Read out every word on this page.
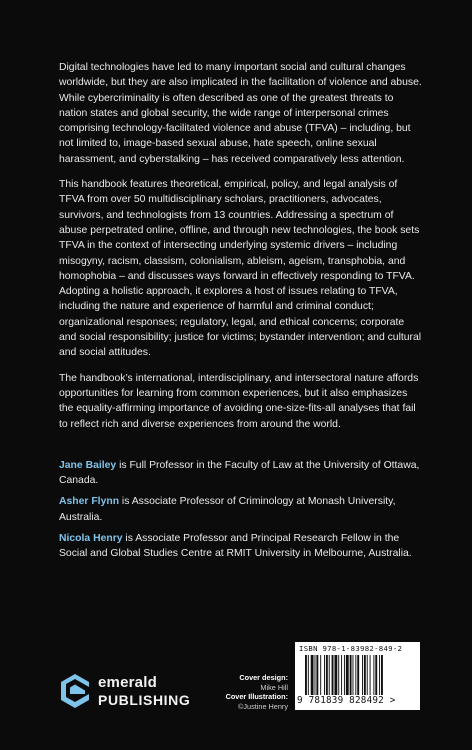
Digital technologies have led to many important social and cultural changes worldwide, but they are also implicated in the facilitation of violence and abuse. While cybercriminality is often described as one of the greatest threats to nation states and global security, the wide range of interpersonal crimes comprising technology-facilitated violence and abuse (TFVA) – including, but not limited to, image-based sexual abuse, hate speech, online sexual harassment, and cyberstalking – has received comparatively less attention.

This handbook features theoretical, empirical, policy, and legal analysis of TFVA from over 50 multidisciplinary scholars, practitioners, advocates, survivors, and technologists from 13 countries. Addressing a spectrum of abuse perpetrated online, offline, and through new technologies, the book sets TFVA in the context of intersecting underlying systemic drivers – including misogyny, racism, classism, colonialism, ableism, ageism, transphobia, and homophobia – and discusses ways forward in effectively responding to TFVA. Adopting a holistic approach, it explores a host of issues relating to TFVA, including the nature and experience of harmful and criminal conduct; organizational responses; regulatory, legal, and ethical concerns; corporate and social responsibility; justice for victims; bystander intervention; and cultural and social attitudes.

The handbook’s international, interdisciplinary, and intersectoral nature affords opportunities for learning from common experiences, but it also emphasizes the equality-affirming importance of avoiding one-size-fits-all analyses that fail to reflect rich and diverse experiences from around the world.

Jane Bailey is Full Professor in the Faculty of Law at the University of Ottawa, Canada.

Asher Flynn is Associate Professor of Criminology at Monash University, Australia.

Nicola Henry is Associate Professor and Principal Research Fellow in the Social and Global Studies Centre at RMIT University in Melbourne, Australia.

emerald
PUBLISHING
Cover design:
Mike Hill
Cover Illustration:
©Justine Henry
ISBN 978-1-83982-849-2
9 781839 828492 >
